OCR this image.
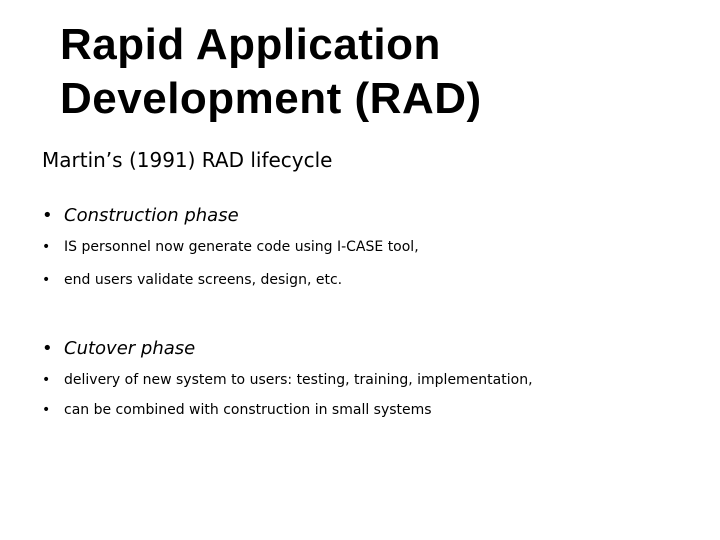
Rapid Application
Development (RAD)
Martin’s (1991) RAD lifecycle
• Construction phase
• IS personnel now generate code using I-CASE tool,
• end users validate screens, design, etc.
• Cutover phase
• delivery of new system to users: testing, training, implementation,
• can be combined with construction in small systems
